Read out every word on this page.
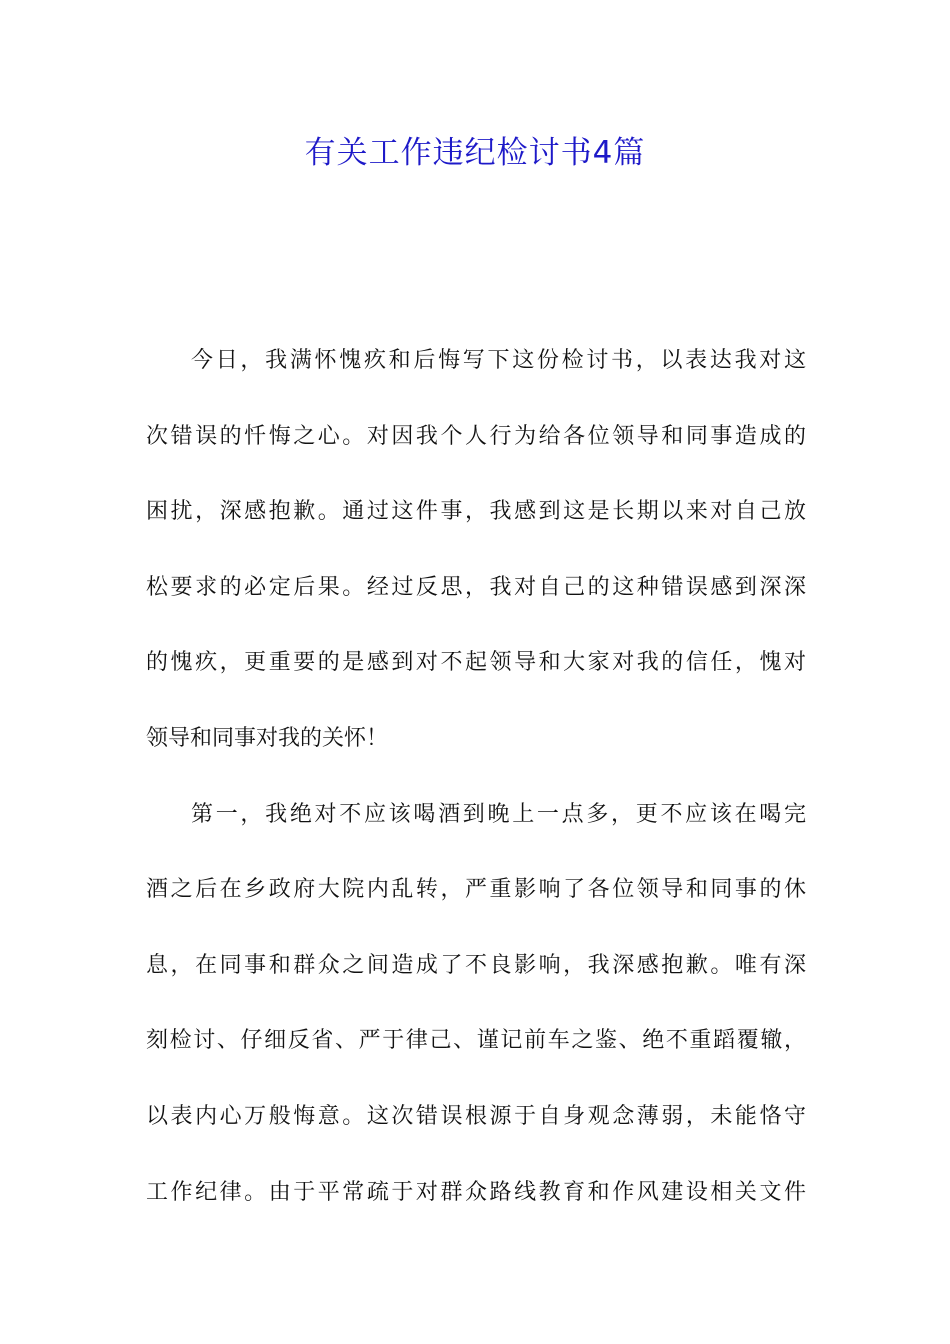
有关工作违纪检讨书4篇
今日，我满怀愧疚和后悔写下这份检讨书，以表达我对这
次错误的忏悔之心。对因我个人行为给各位领导和同事造成的
困扰，深感抱歉。通过这件事，我感到这是长期以来对自己放
松要求的必定后果。经过反思，我对自己的这种错误感到深深
的愧疚，更重要的是感到对不起领导和大家对我的信任，愧对
领导和同事对我的关怀！
第一，我绝对不应该喝酒到晚上一点多，更不应该在喝完
酒之后在乡政府大院内乱转，严重影响了各位领导和同事的休
息，在同事和群众之间造成了不良影响，我深感抱歉。唯有深
刻检讨、仔细反省、严于律己、谨记前车之鉴、绝不重蹈覆辙，
以表内心万般悔意。这次错误根源于自身观念薄弱，未能恪守
工作纪律。由于平常疏于对群众路线教育和作风建设相关文件
